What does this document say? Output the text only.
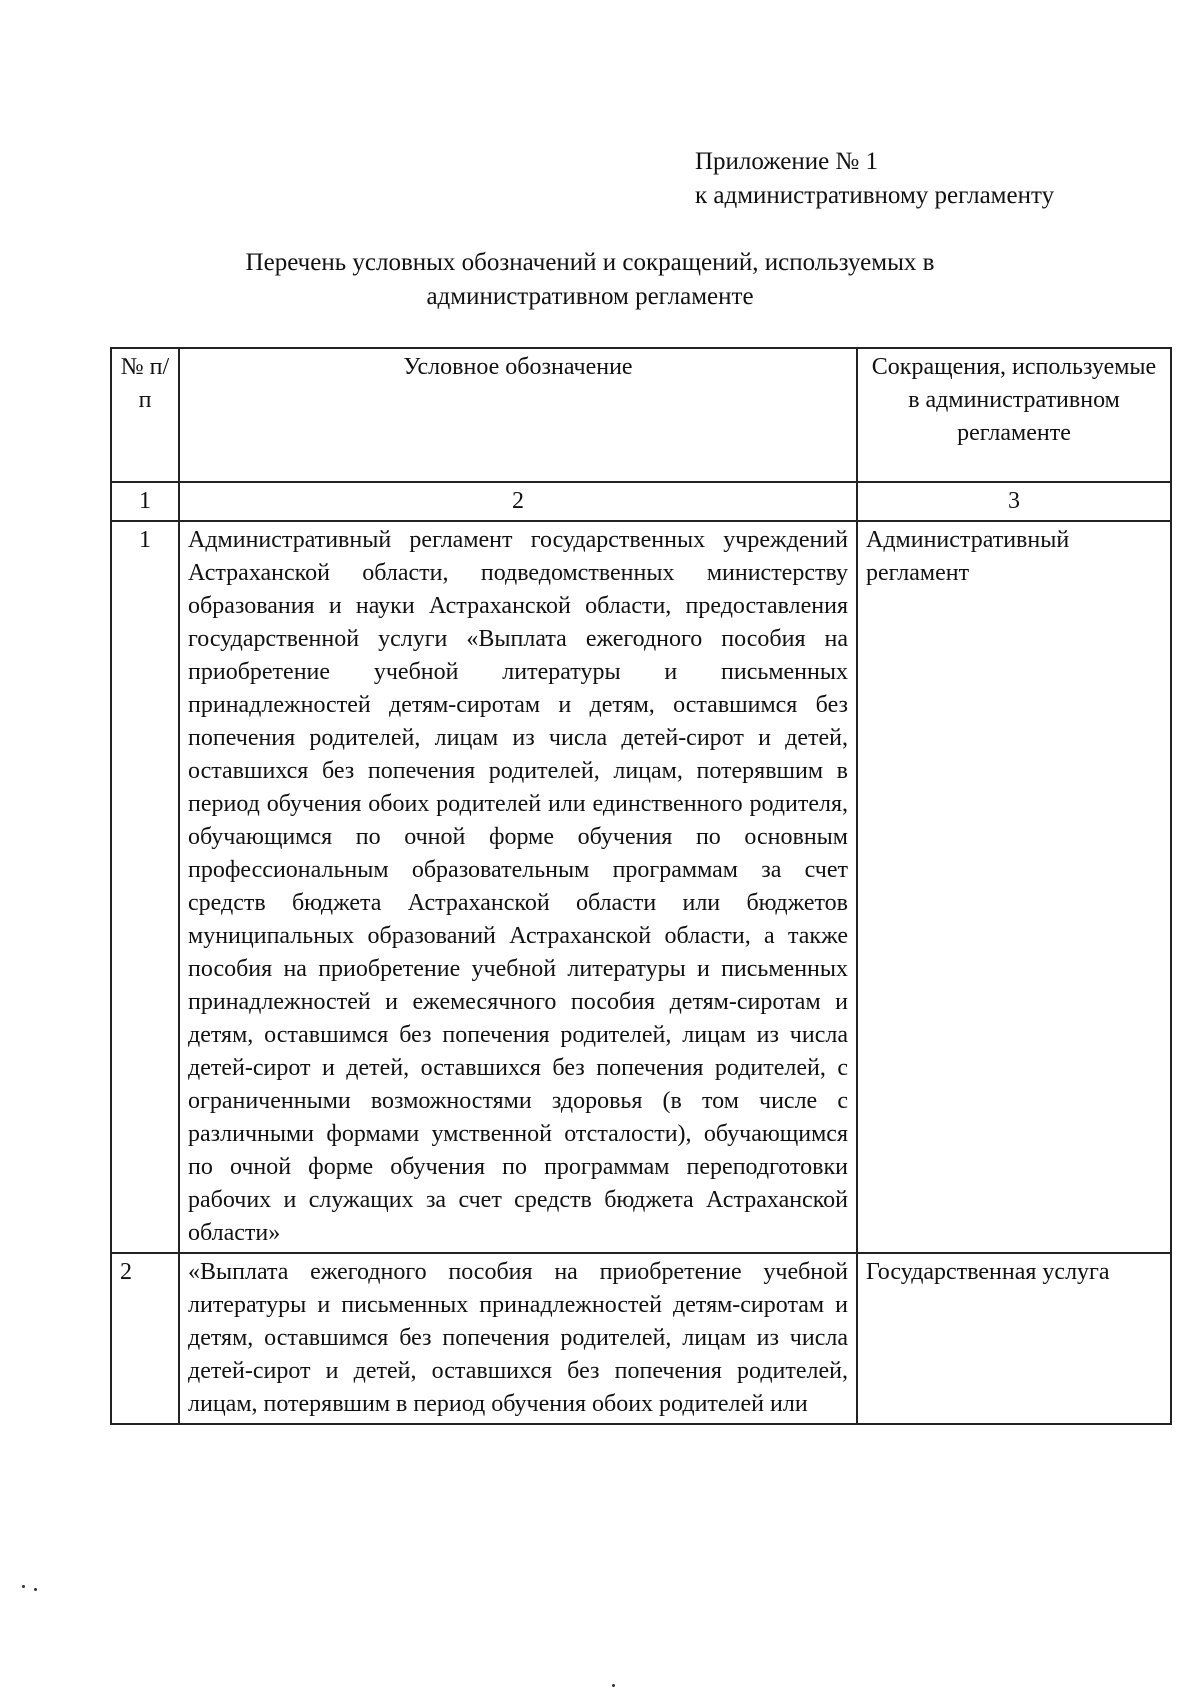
Приложение № 1
к административному регламенту
Перечень условных обозначений и сокращений, используемых в
административном регламенте
№ п/п	Условное обозначение	Сокращения, используемые в административном регламенте
1	2	3
1	Административный регламент государственных учреждений Астраханской области, подведомственных министерству образования и науки Астраханской области, предоставления государственной услуги «Выплата ежегодного пособия на приобретение учебной литературы и письменных принадлежностей детям-сиротам и детям, оставшимся без попечения родителей, лицам из числа детей-сирот и детей, оставшихся без попечения родителей, лицам, потерявшим в период обучения обоих родителей или единственного родителя, обучающимся по очной форме обучения по основным профессиональным образовательным программам за счет средств бюджета Астраханской области или бюджетов муниципальных образований Астраханской области, а также пособия на приобретение учебной литературы и письменных принадлежностей и ежемесячного пособия детям-сиротам и детям, оставшимся без попечения родителей, лицам из числа детей-сирот и детей, оставшихся без попечения родителей, с ограниченными возможностями здоровья (в том числе с различными формами умственной отсталости), обучающимся по очной форме обучения по программам переподготовки рабочих и служащих за счет средств бюджета Астраханской области»	Административный регламент
2	«Выплата ежегодного пособия на приобретение учебной литературы и письменных принадлежностей детям-сиротам и детям, оставшимся без попечения родителей, лицам из числа детей-сирот и детей, оставшихся без попечения родителей, лицам, потерявшим в период обучения обоих родителей или	Государственная услуга
